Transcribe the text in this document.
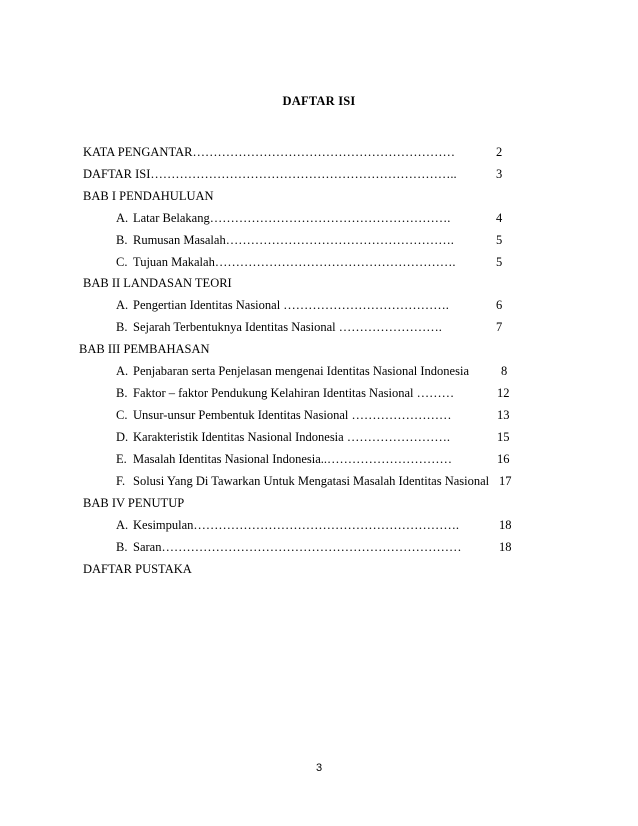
DAFTAR ISI
KATA PENGANTAR………………………………………………………	2
DAFTAR ISI………………………………………………………………..	3
BAB I PENDAHULUAN
A. Latar Belakang………………………………………………….	4
B. Rumusan Masalah……………………………………………….	5
C. Tujuan Makalah………………………………………………….	5
BAB II LANDASAN TEORI
A. Pengertian Identitas Nasional ………………………………….	6
B. Sejarah Terbentuknya Identitas Nasional …………………….	7
BAB III PEMBAHASAN
A. Penjabaran serta Penjelasan mengenai Identitas Nasional Indonesia	8
B. Faktor – faktor Pendukung Kelahiran Identitas Nasional ………	12
C. Unsur-unsur Pembentuk Identitas Nasional ……………………	13
D. Karakteristik Identitas Nasional Indonesia …………………….	15
E. Masalah Identitas Nasional Indonesia..…………………………	16
F. Solusi Yang Di Tawarkan Untuk Mengatasi Masalah Identitas Nasional 17
BAB IV PENUTUP
A. Kesimpulan……………………………………………………….	18
B. Saran………………………………………………………………	18
DAFTAR PUSTAKA
3
